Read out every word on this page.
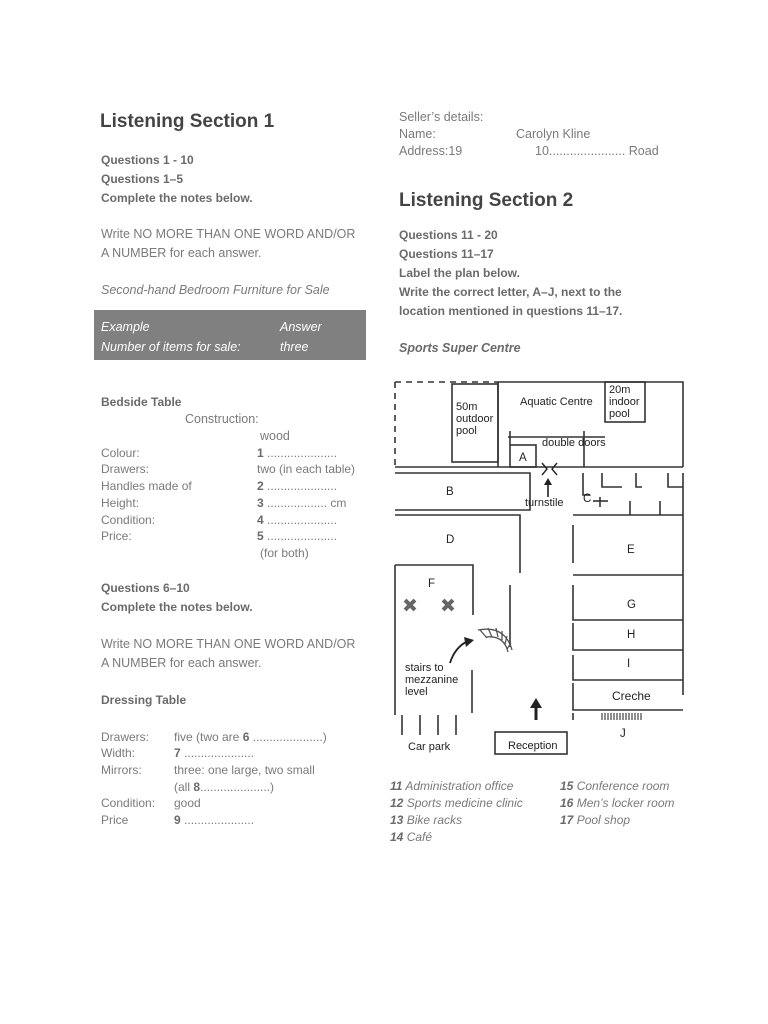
Listening Section 1
Questions 1 - 10
Questions 1–5
Complete the notes below.
Write NO MORE THAN ONE WORD AND/OR
A NUMBER for each answer.
Second-hand Bedroom Furniture for Sale
Example	Answer
Number of items for sale:	three
Bedside Table
Construction:
wood
Colour:	1 .....................
Drawers:	two (in each table)
Handles made of	2 .....................
Height:	3 .................. cm
Condition:	4 .....................
Price:	5 .....................
(for both)
Questions 6–10
Complete the notes below.
Write NO MORE THAN ONE WORD AND/OR
A NUMBER for each answer.
Dressing Table
Drawers: five (two are 6 .....................)
Width:	7 .....................
Mirrors:	three: one large, two small
(all 8.....................)
Condition: good
Price	9 .....................
Seller’s details:
Name:	Carolyn Kline
Address:19	10...................... Road
Listening Section 2
Questions 11 - 20
Questions 11–17
Label the plan below.
Write the correct letter, A–J, next to the
location mentioned in questions 11–17.
Sports Super Centre
50m
outdoor
pool
Aquatic Centre
20m
indoor
pool
double doors
turnstile
stairs to
mezzanine
level	Creche
Car park	Reception
A
B
C
D
E
F
G
H
I
J
11 Administration office
12 Sports medicine clinic
13 Bike racks
14 Café
15 Conference room
16 Men’s locker room
17 Pool shop
